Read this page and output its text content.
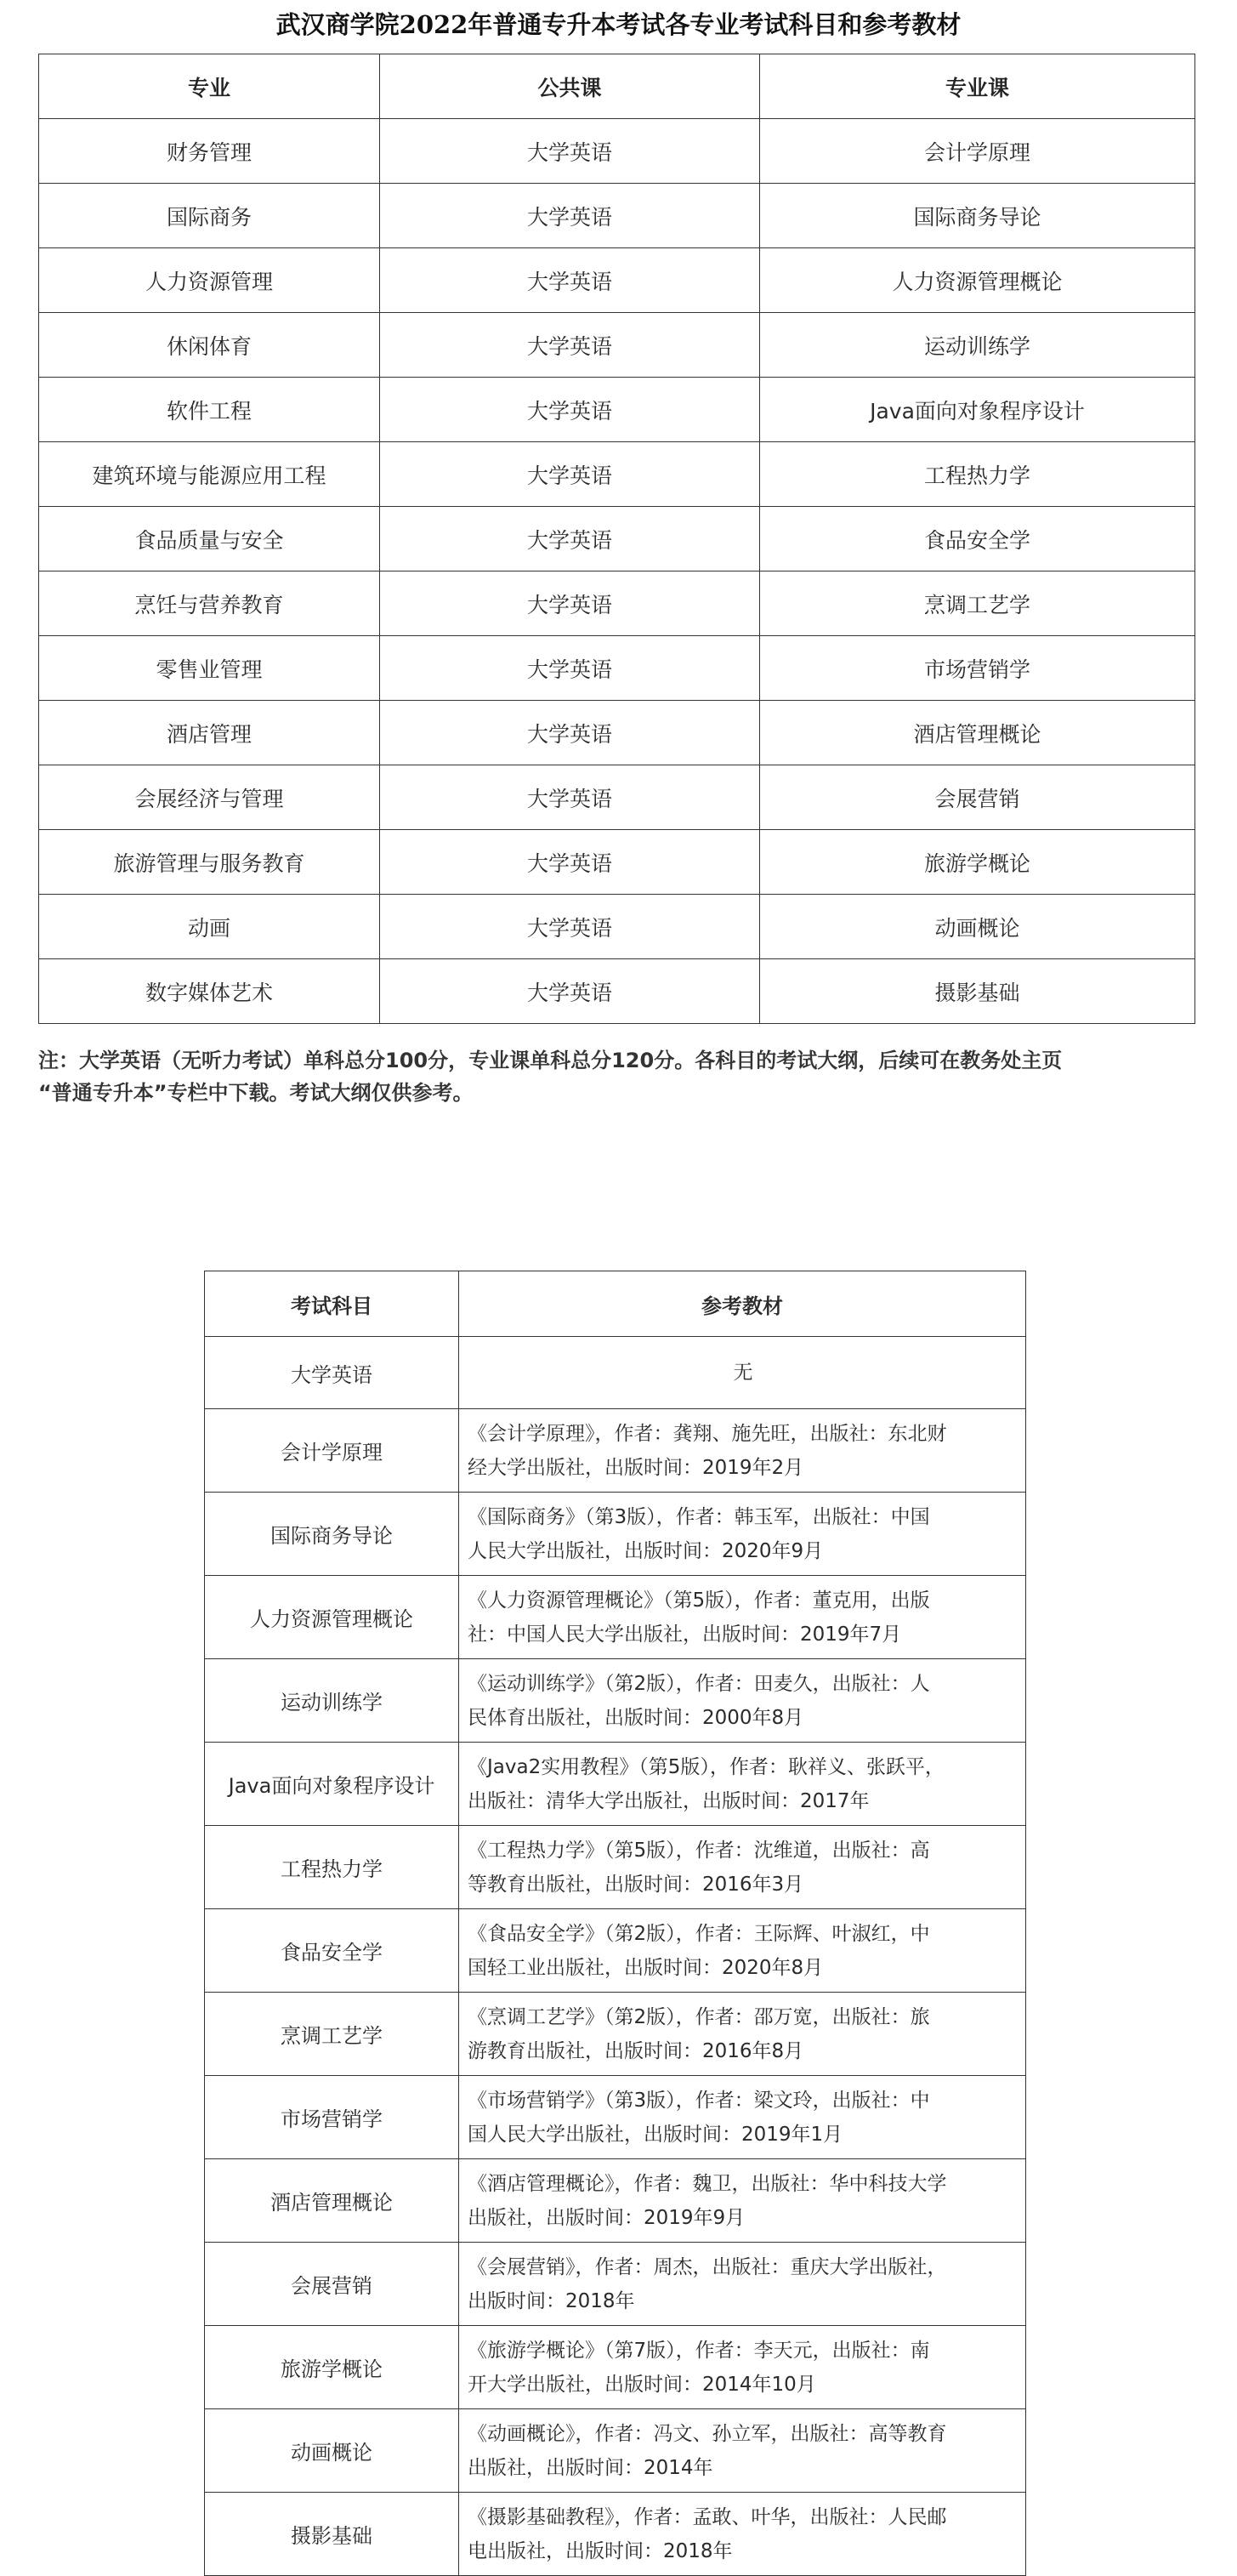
武汉商学院2022年普通专升本考试各专业考试科目和参考教材
专业	公共课	专业课
财务管理	大学英语	会计学原理
国际商务	大学英语	国际商务导论
人力资源管理	大学英语	人力资源管理概论
休闲体育	大学英语	运动训练学
软件工程	大学英语	Java面向对象程序设计
建筑环境与能源应用工程	大学英语	工程热力学
食品质量与安全	大学英语	食品安全学
烹饪与营养教育	大学英语	烹调工艺学
零售业管理	大学英语	市场营销学
酒店管理	大学英语	酒店管理概论
会展经济与管理	大学英语	会展营销
旅游管理与服务教育	大学英语	旅游学概论
动画	大学英语	动画概论
数字媒体艺术	大学英语	摄影基础

注：大学英语（无听力考试）单科总分100分，专业课单科总分120分。各科目的考试大纲，后续可在教务处主页
“普通专升本”专栏中下载。考试大纲仅供参考。

考试科目	参考教材
大学英语	无

会计学原理	《会计学原理》，作者：龚翔、施先旺，出版社：东北财
经大学出版社，出版时间：2019年2月

国际商务导论	《国际商务》（第3版），作者：韩玉军，出版社：中国
人民大学出版社，出版时间：2020年9月

人力资源管理概论	《人力资源管理概论》（第5版），作者：董克用，出版
社：中国人民大学出版社，出版时间：2019年7月

运动训练学	《运动训练学》（第2版），作者：田麦久，出版社：人
民体育出版社，出版时间：2000年8月

Java面向对象程序设计	《Java2实用教程》（第5版），作者：耿祥义、张跃平，
出版社：清华大学出版社，出版时间：2017年

工程热力学	《工程热力学》（第5版），作者：沈维道，出版社：高
等教育出版社，出版时间：2016年3月

食品安全学	《食品安全学》（第2版），作者：王际辉、叶淑红，中
国轻工业出版社，出版时间：2020年8月

烹调工艺学	《烹调工艺学》（第2版），作者：邵万宽，出版社：旅
游教育出版社，出版时间：2016年8月

市场营销学	《市场营销学》（第3版），作者：梁文玲，出版社：中
国人民大学出版社，出版时间：2019年1月

酒店管理概论	《酒店管理概论》，作者：魏卫，出版社：华中科技大学
出版社，出版时间：2019年9月

会展营销	《会展营销》，作者：周杰，出版社：重庆大学出版社，
出版时间：2018年

旅游学概论	《旅游学概论》（第7版），作者：李天元，出版社：南
开大学出版社，出版时间：2014年10月

动画概论	《动画概论》，作者：冯文、孙立军，出版社：高等教育
出版社，出版时间：2014年

摄影基础	《摄影基础教程》，作者：孟敢、叶华，出版社：人民邮
电出版社，出版时间：2018年
